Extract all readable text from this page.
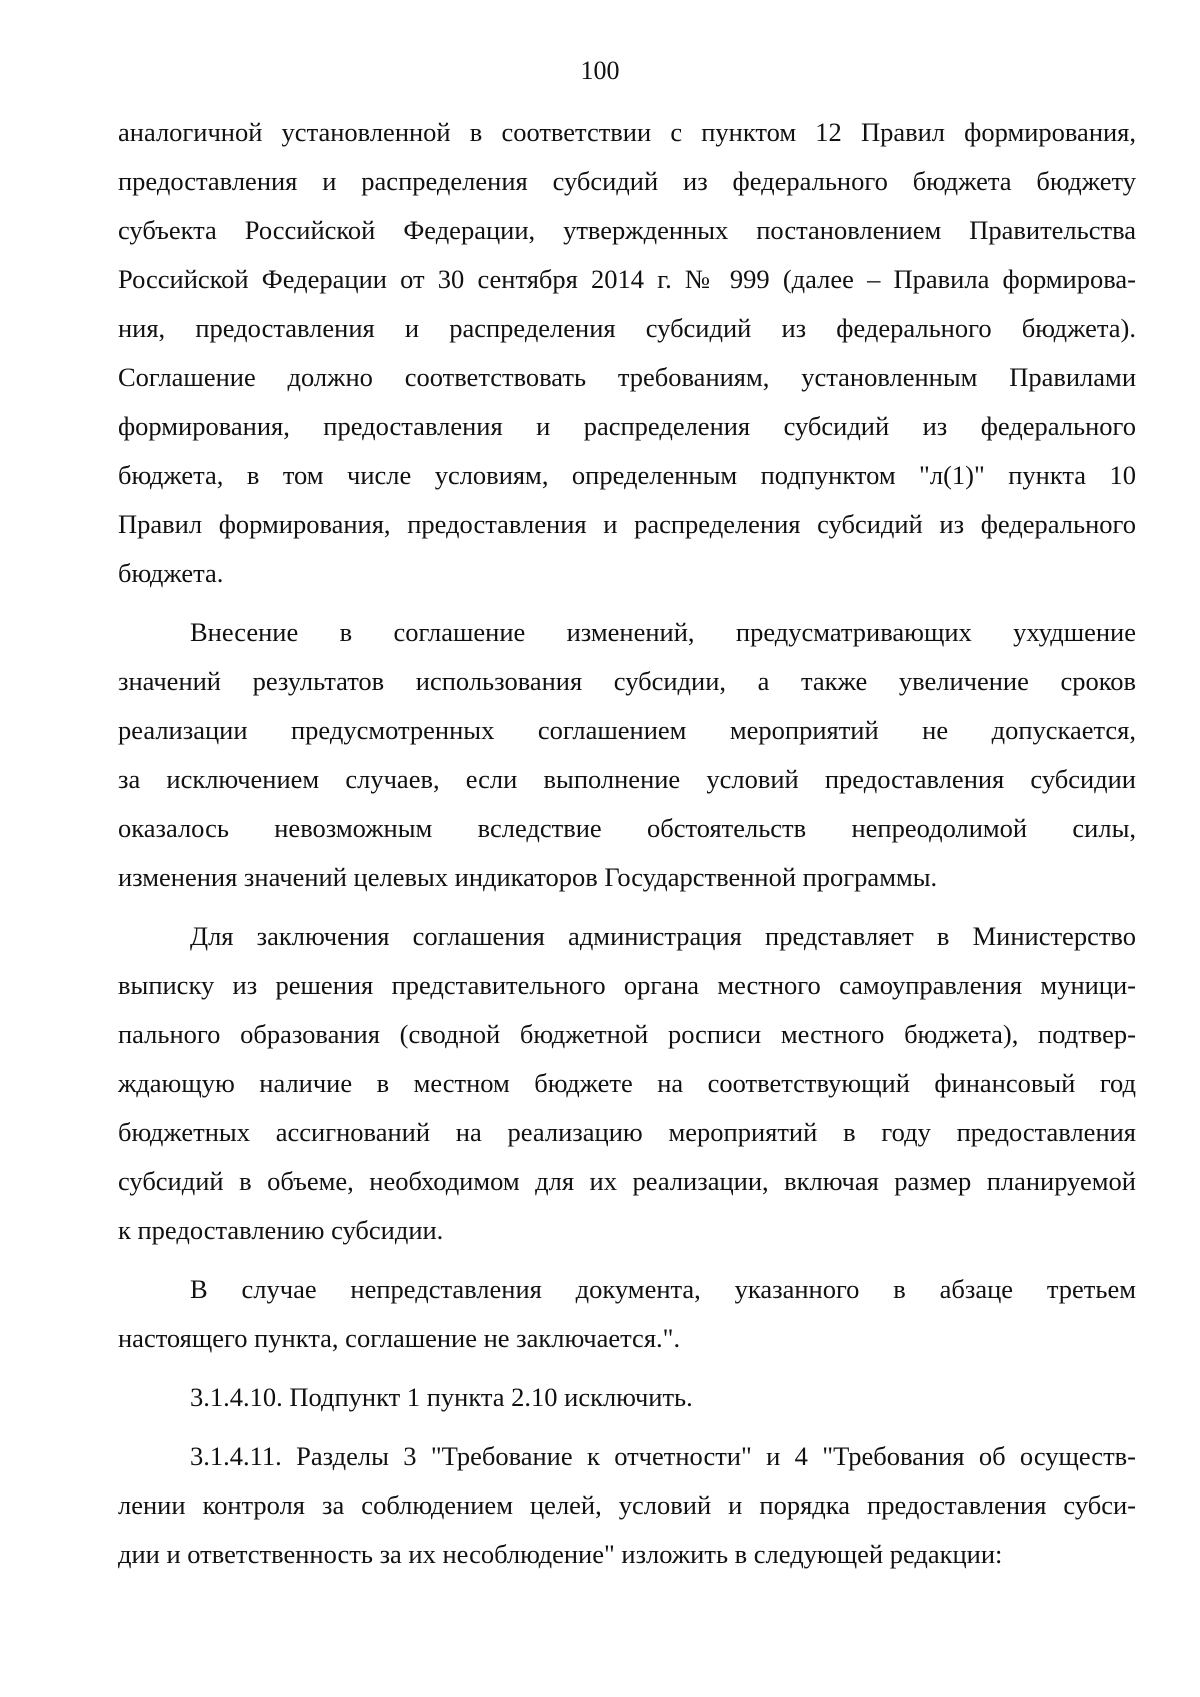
100
аналогичной установленной в соответствии с пунктом 12 Правил формирования,
предоставления и распределения субсидий из федерального бюджета бюджету
субъекта Российской Федерации, утвержденных постановлением Правительства
Российской Федерации от 30 сентября 2014 г. № 999 (далее – Правила формирова-
ния, предоставления и распределения субсидий из федерального бюджета).
Соглашение должно соответствовать требованиям, установленным Правилами
формирования, предоставления и распределения субсидий из федерального
бюджета, в том числе условиям, определенным подпунктом "л(1)" пункта 10
Правил формирования, предоставления и распределения субсидий из федерального
бюджета.
Внесение в соглашение изменений, предусматривающих ухудшение
значений результатов использования субсидии, а также увеличение сроков
реализации предусмотренных соглашением мероприятий не допускается,
за исключением случаев, если выполнение условий предоставления субсидии
оказалось невозможным вследствие обстоятельств непреодолимой силы,
изменения значений целевых индикаторов Государственной программы.
Для заключения соглашения администрация представляет в Министерство
выписку из решения представительного органа местного самоуправления муници-
пального образования (сводной бюджетной росписи местного бюджета), подтвер-
ждающую наличие в местном бюджете на соответствующий финансовый год
бюджетных ассигнований на реализацию мероприятий в году предоставления
субсидий в объеме, необходимом для их реализации, включая размер планируемой
к предоставлению субсидии.
В случае непредставления документа, указанного в абзаце третьем
настоящего пункта, соглашение не заключается.".
3.1.4.10. Подпункт 1 пункта 2.10 исключить.
3.1.4.11. Разделы 3 "Требование к отчетности" и 4 "Требования об осуществ-
лении контроля за соблюдением целей, условий и порядка предоставления субси-
дии и ответственность за их несоблюдение" изложить в следующей редакции:
